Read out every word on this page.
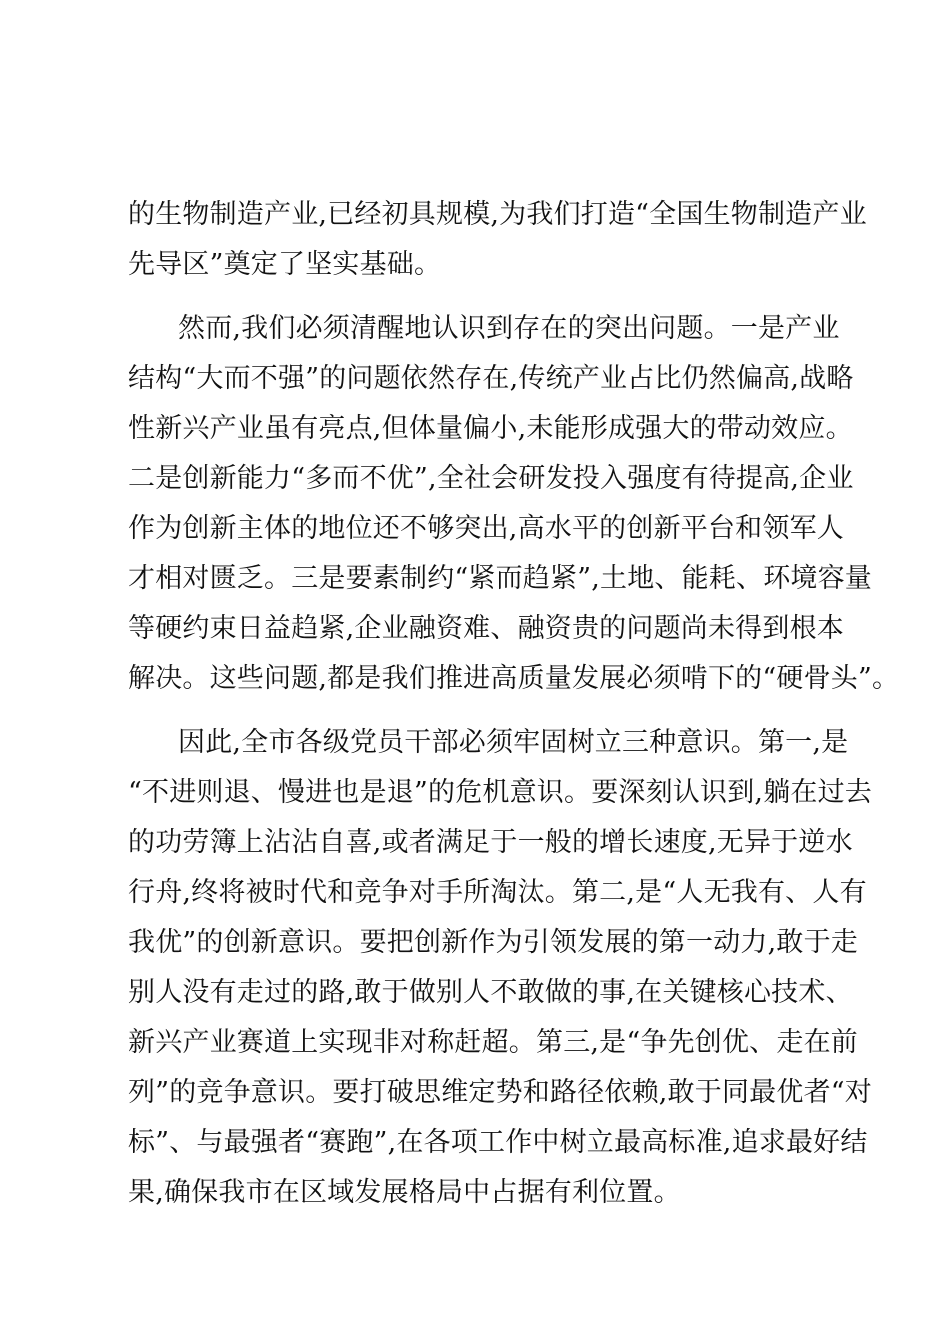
的生物制造产业,已经初具规模,为我们打造“全国生物制造产业
先导区”奠定了坚实基础。
然而,我们必须清醒地认识到存在的突出问题。一是产业
结构“大而不强”的问题依然存在,传统产业占比仍然偏高,战略
性新兴产业虽有亮点,但体量偏小,未能形成强大的带动效应。
二是创新能力“多而不优”,全社会研发投入强度有待提高,企业
作为创新主体的地位还不够突出,高水平的创新平台和领军人
才相对匮乏。三是要素制约“紧而趋紧”,土地、能耗、环境容量
等硬约束日益趋紧,企业融资难、融资贵的问题尚未得到根本
解决。这些问题,都是我们推进高质量发展必须啃下的“硬骨头”。
因此,全市各级党员干部必须牢固树立三种意识。第一,是
“不进则退、慢进也是退”的危机意识。要深刻认识到,躺在过去
的功劳簿上沾沾自喜,或者满足于一般的增长速度,无异于逆水
行舟,终将被时代和竞争对手所淘汰。第二,是“人无我有、人有
我优”的创新意识。要把创新作为引领发展的第一动力,敢于走
别人没有走过的路,敢于做别人不敢做的事,在关键核心技术、
新兴产业赛道上实现非对称赶超。第三,是“争先创优、走在前
列”的竞争意识。要打破思维定势和路径依赖,敢于同最优者“对
标”、与最强者“赛跑”,在各项工作中树立最高标准,追求最好结
果,确保我市在区域发展格局中占据有利位置。
